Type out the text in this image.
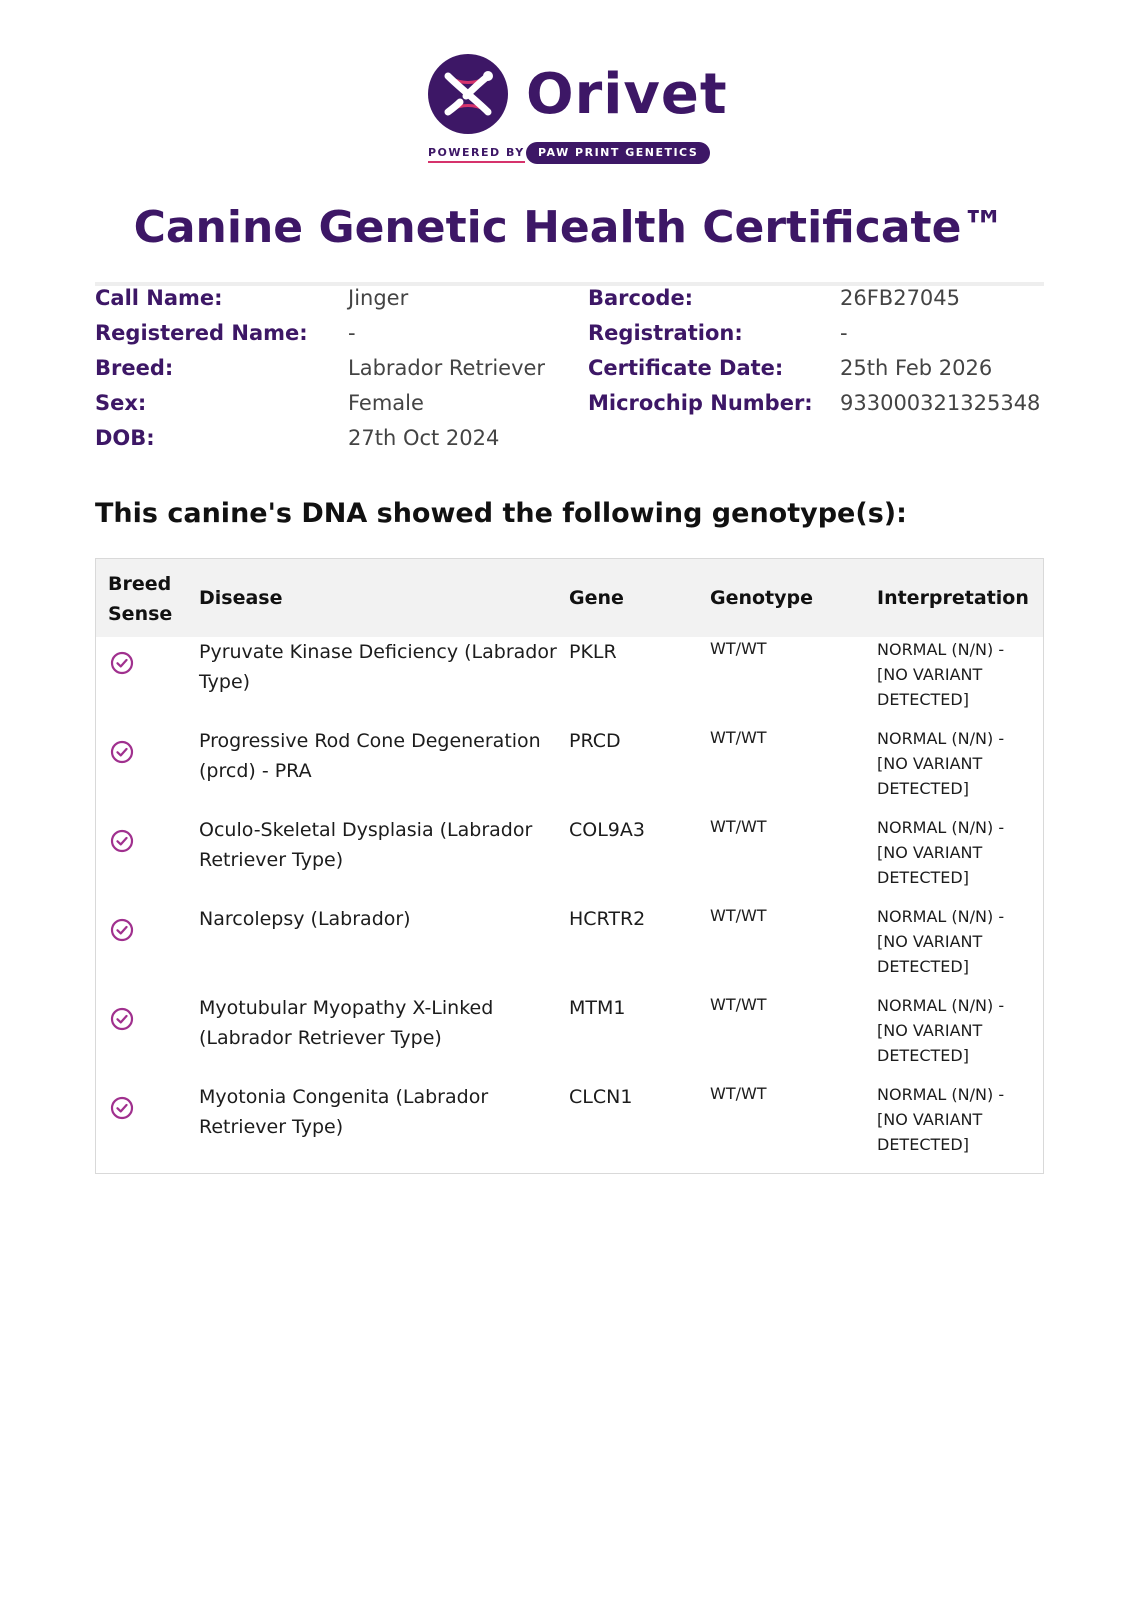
Orivet
POWERED BY	PAW PRINT GENETICS
Canine Genetic Health Certificate™
Call Name:	Jinger
Registered Name: -
Breed:	Labrador Retriever
Sex:	Female
DOB:	27th Oct 2024
Barcode:	26FB27045
Registration:	-
Certificate Date:	25th Feb 2026
Microchip Number: 933000321325348
This canine's DNA showed the following genotype(s):
Breed
Sense
Disease	Gene	Genotype	Interpretation
Pyruvate Kinase Deficiency (Labrador
Type)
PKLR	WT/WT	NORMAL (N/N) -
[NO VARIANT
DETECTED]
Progressive Rod Cone Degeneration
(prcd) - PRA
PRCD	WT/WT	NORMAL (N/N) -
[NO VARIANT
DETECTED]
Oculo-Skeletal Dysplasia (Labrador
Retriever Type)
COL9A3	WT/WT	NORMAL (N/N) -
[NO VARIANT
DETECTED]
Narcolepsy (Labrador)	HCRTR2	WT/WT	NORMAL (N/N) -
[NO VARIANT
DETECTED]
Myotubular Myopathy X-Linked
(Labrador Retriever Type)
MTM1	WT/WT	NORMAL (N/N) -
[NO VARIANT
DETECTED]
Myotonia Congenita (Labrador
Retriever Type)
CLCN1	WT/WT	NORMAL (N/N) -
[NO VARIANT
DETECTED]
